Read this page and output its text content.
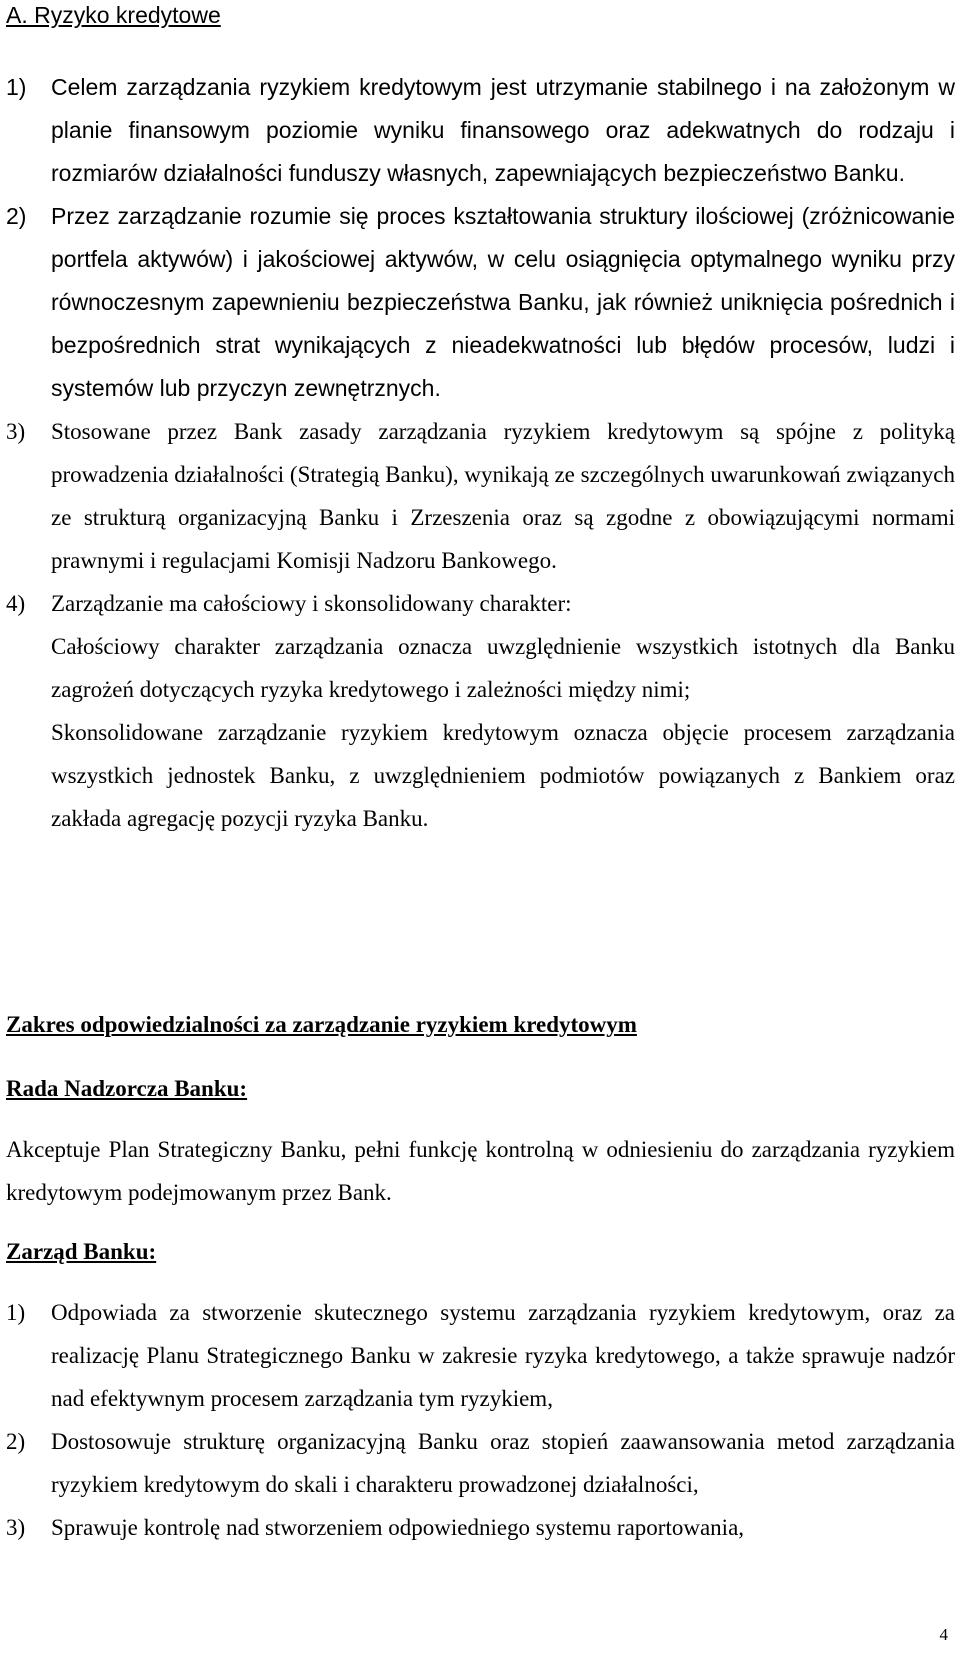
A. Ryzyko kredytowe
1) Celem zarządzania ryzykiem kredytowym jest utrzymanie stabilnego i na założonym w planie finansowym poziomie wyniku finansowego oraz adekwatnych do rodzaju i rozmiarów działalności funduszy własnych, zapewniających bezpieczeństwo Banku.
2) Przez zarządzanie rozumie się proces kształtowania struktury ilościowej (zróżnicowanie portfela aktywów) i jakościowej aktywów, w celu osiągnięcia optymalnego wyniku przy równoczesnym zapewnieniu bezpieczeństwa Banku, jak również uniknięcia pośrednich i bezpośrednich strat wynikających z nieadekwatności lub błędów procesów, ludzi i systemów lub przyczyn zewnętrznych.
3) Stosowane przez Bank zasady zarządzania ryzykiem kredytowym są spójne z polityką prowadzenia działalności (Strategią Banku), wynikają ze szczególnych uwarunkowań związanych ze strukturą organizacyjną Banku i Zrzeszenia oraz są zgodne z obowiązującymi normami prawnymi i regulacjami Komisji Nadzoru Bankowego.
4) Zarządzanie ma całościowy i skonsolidowany charakter:
Całościowy charakter zarządzania oznacza uwzględnienie wszystkich istotnych dla Banku zagrożeń dotyczących ryzyka kredytowego i zależności między nimi;
Skonsolidowane zarządzanie ryzykiem kredytowym oznacza objęcie procesem zarządzania wszystkich jednostek Banku, z uwzględnieniem podmiotów powiązanych z Bankiem oraz zakłada agregację pozycji ryzyka Banku.
Zakres odpowiedzialności za zarządzanie ryzykiem kredytowym
Rada Nadzorcza Banku:

Akceptuje Plan Strategiczny Banku, pełni funkcję kontrolną w odniesieniu do zarządzania ryzykiem kredytowym podejmowanym przez Bank.

Zarząd Banku:
1) Odpowiada za stworzenie skutecznego systemu zarządzania ryzykiem kredytowym, oraz za realizację Planu Strategicznego Banku w zakresie ryzyka kredytowego, a także sprawuje nadzór nad efektywnym procesem zarządzania tym ryzykiem,
2) Dostosowuje strukturę organizacyjną Banku oraz stopień zaawansowania metod zarządzania ryzykiem kredytowym do skali i charakteru prowadzonej działalności,
3) Sprawuje kontrolę nad stworzeniem odpowiedniego systemu raportowania,
4
